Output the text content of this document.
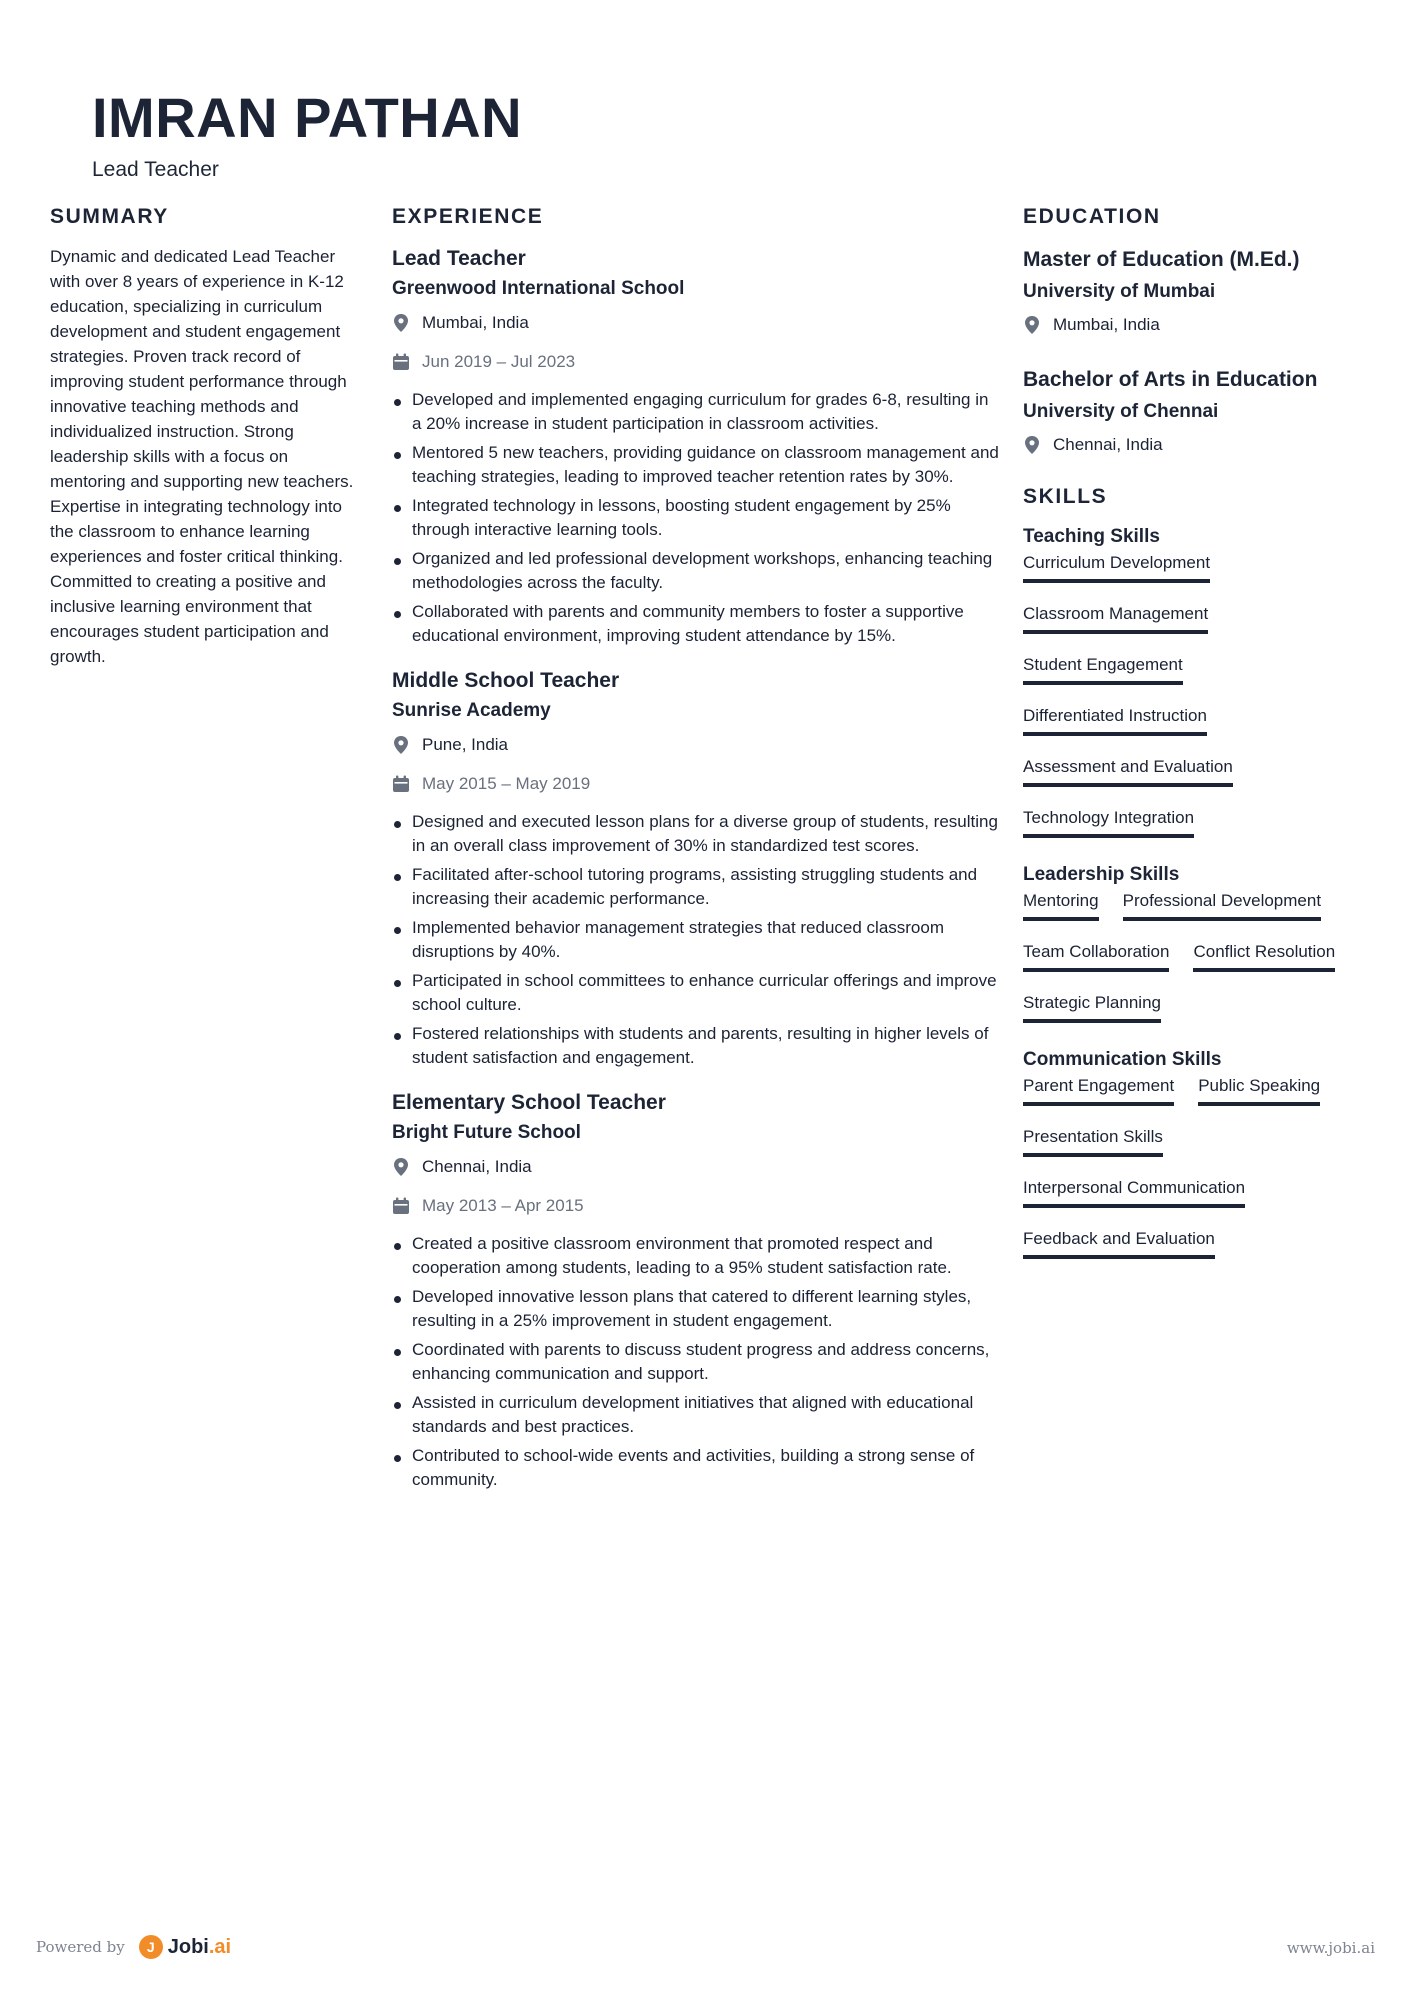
IMRAN PATHAN
Lead Teacher
SUMMARY

Dynamic and dedicated Lead Teacher with over 8 years of experience in K-12 education, specializing in curriculum development and student engagement strategies. Proven track record of improving student performance through innovative teaching methods and individualized instruction. Strong leadership skills with a focus on mentoring and supporting new teachers. Expertise in integrating technology into the classroom to enhance learning experiences and foster critical thinking. Committed to creating a positive and inclusive learning environment that encourages student participation and growth.

EXPERIENCE
Lead Teacher
Greenwood International School
Mumbai, India
Jun 2019 – Jul 2023
Developed and implemented engaging curriculum for grades 6-8, resulting in a 20% increase in student participation in classroom activities.
Mentored 5 new teachers, providing guidance on classroom management and teaching strategies, leading to improved teacher retention rates by 30%.
Integrated technology in lessons, boosting student engagement by 25% through interactive learning tools.
Organized and led professional development workshops, enhancing teaching methodologies across the faculty.
Collaborated with parents and community members to foster a supportive educational environment, improving student attendance by 15%.
Middle School Teacher
Sunrise Academy
Pune, India
May 2015 – May 2019
Designed and executed lesson plans for a diverse group of students, resulting in an overall class improvement of 30% in standardized test scores.
Facilitated after-school tutoring programs, assisting struggling students and increasing their academic performance.
Implemented behavior management strategies that reduced classroom disruptions by 40%.
Participated in school committees to enhance curricular offerings and improve school culture.
Fostered relationships with students and parents, resulting in higher levels of student satisfaction and engagement.
Elementary School Teacher
Bright Future School
Chennai, India
May 2013 – Apr 2015
Created a positive classroom environment that promoted respect and cooperation among students, leading to a 95% student satisfaction rate.
Developed innovative lesson plans that catered to different learning styles, resulting in a 25% improvement in student engagement.
Coordinated with parents to discuss student progress and address concerns, enhancing communication and support.
Assisted in curriculum development initiatives that aligned with educational standards and best practices.
Contributed to school-wide events and activities, building a strong sense of community.
EDUCATION
Master of Education (M.Ed.)
University of Mumbai
Mumbai, India
Bachelor of Arts in Education
University of Chennai
Chennai, India
SKILLS
Teaching Skills
Curriculum Development
Classroom Management
Student Engagement
Differentiated Instruction
Assessment and Evaluation
Technology Integration
Leadership Skills
Mentoring Professional Development
Team Collaboration Conflict Resolution
Strategic Planning
Communication Skills
Parent Engagement Public Speaking
Presentation Skills
Interpersonal Communication
Feedback and Evaluation
Powered by	J Jobi.ai	www.jobi.ai
